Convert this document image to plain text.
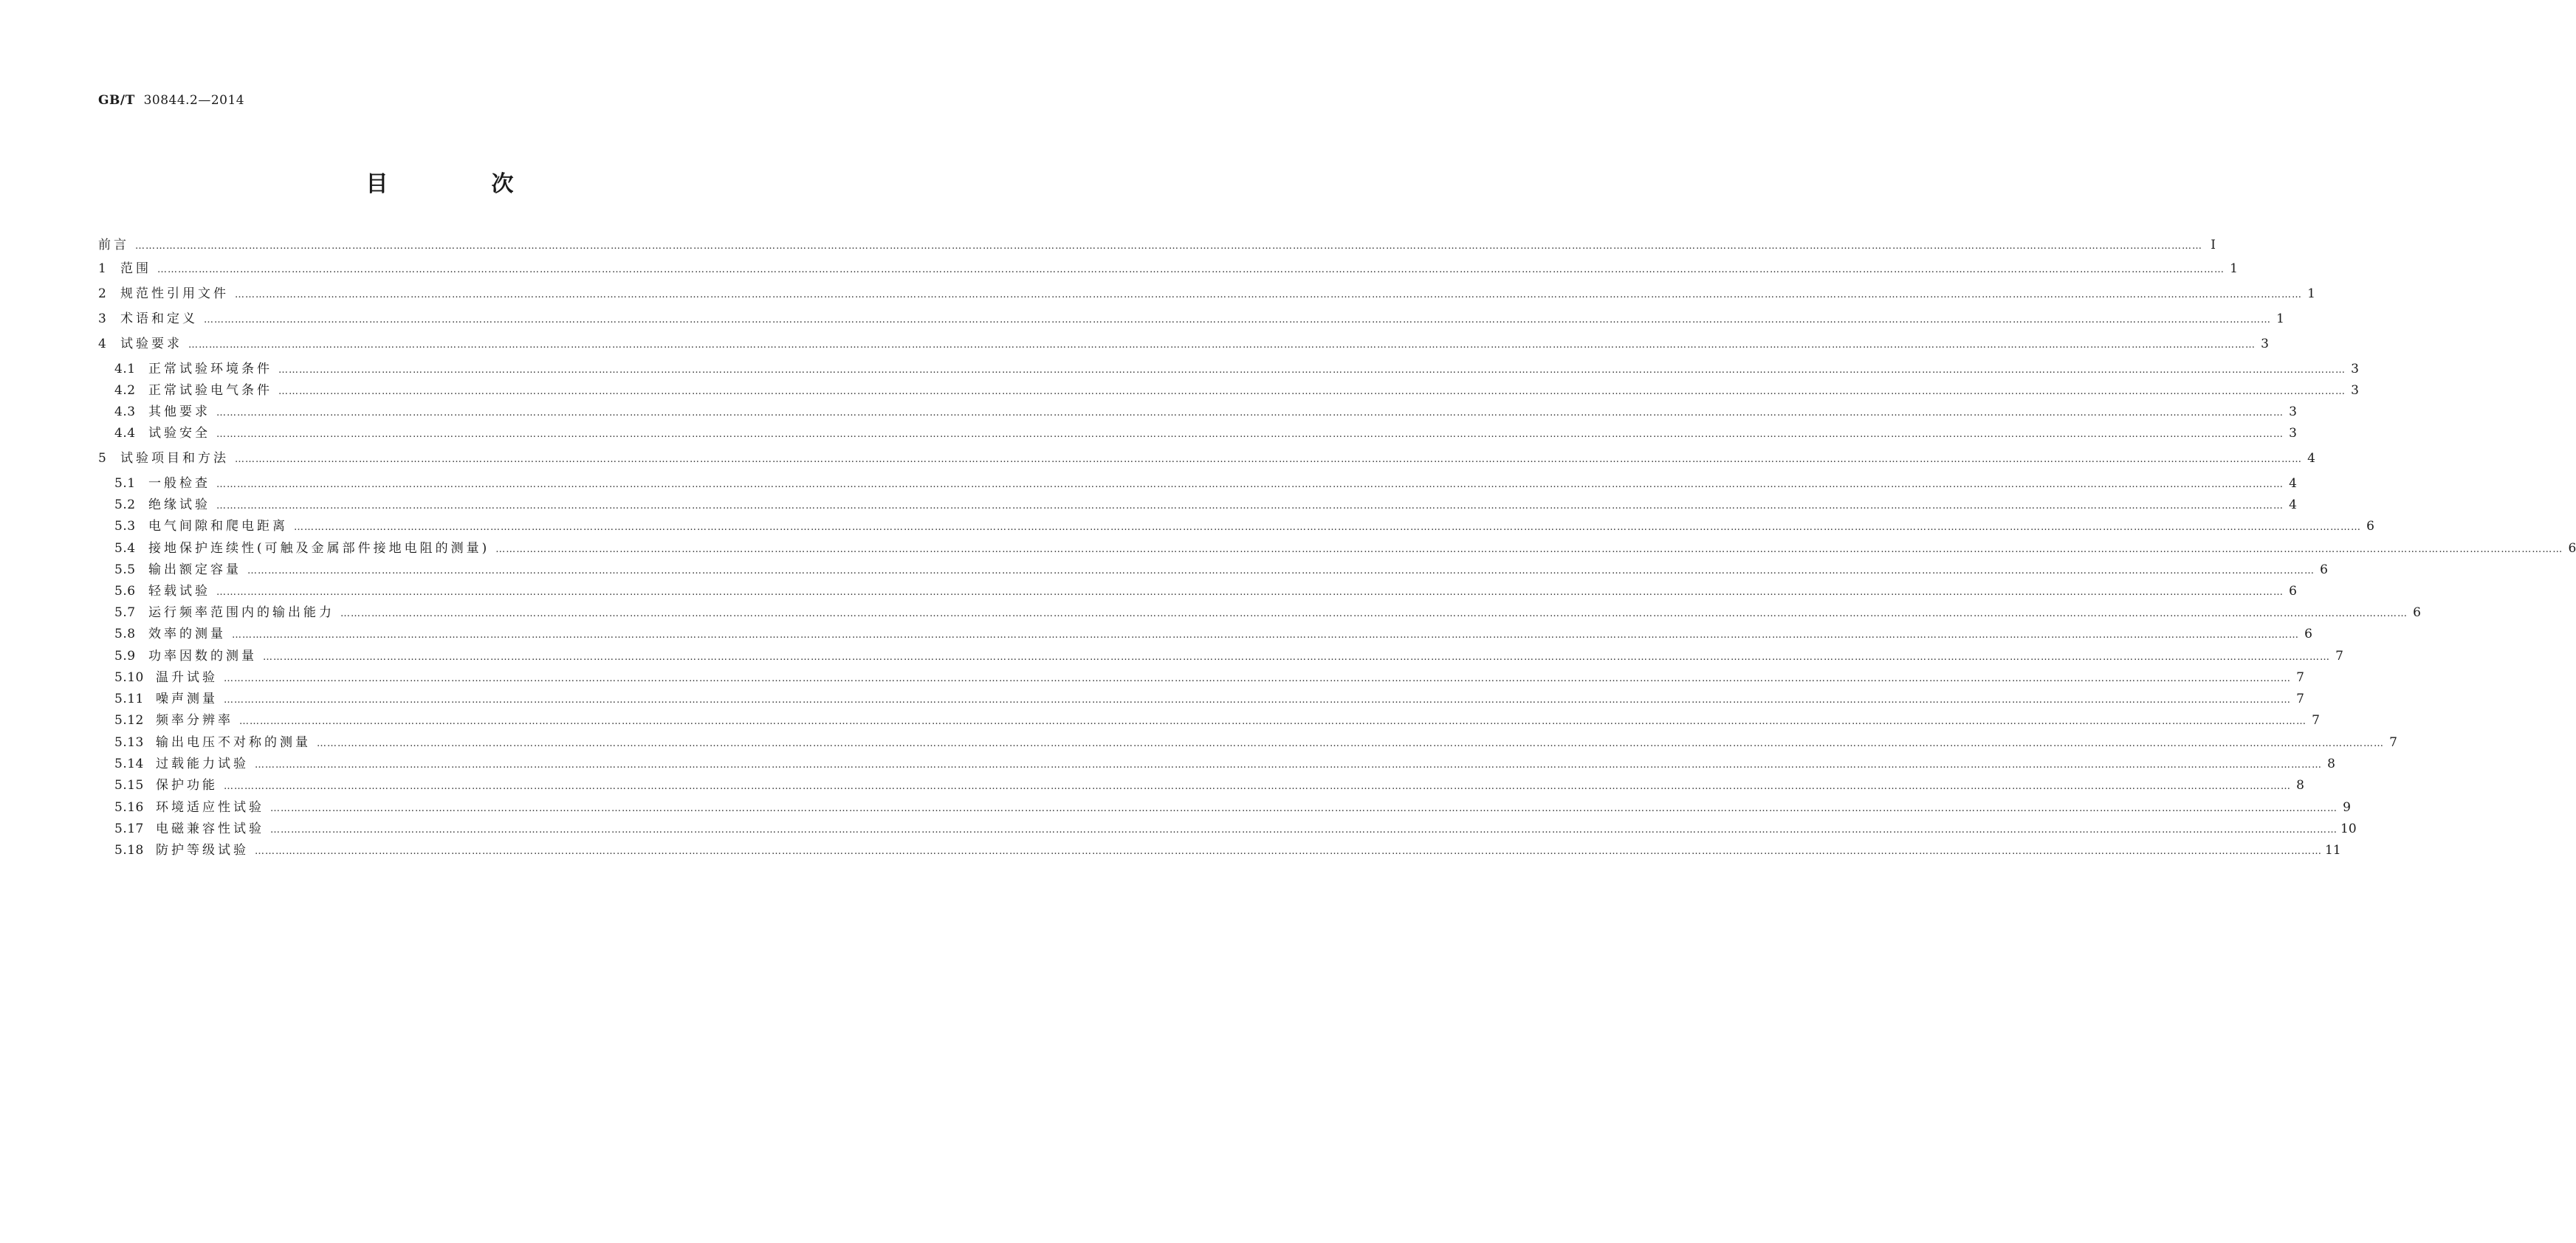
GB/T 30844.2—2014
目　次
前言 …………………………………………………………………………………………………………………………………………………………………………………………………………………………………………………………………………………………………………………………………………………………………………………………………………………………………………………………………………………………………………………………………………………… Ⅰ
1	范围 …………………………………………………………………………………………………………………………………………………………………………………………………………………………………………………………………………………………………………………………………………………………………………………………………………………………………………………………………………………………………………………………………………………… 1
2	规范性引用文件 …………………………………………………………………………………………………………………………………………………………………………………………………………………………………………………………………………………………………………………………………………………………………………………………………………………………………………………………………………………………………………………………………………………… 1
3	术语和定义 …………………………………………………………………………………………………………………………………………………………………………………………………………………………………………………………………………………………………………………………………………………………………………………………………………………………………………………………………………………………………………………………………………………… 1
4	试验要求 …………………………………………………………………………………………………………………………………………………………………………………………………………………………………………………………………………………………………………………………………………………………………………………………………………………………………………………………………………………………………………………………………………………… 3
4.1	正常试验环境条件 …………………………………………………………………………………………………………………………………………………………………………………………………………………………………………………………………………………………………………………………………………………………………………………………………………………………………………………………………………………………………………………………………………………… 3
4.2	正常试验电气条件 …………………………………………………………………………………………………………………………………………………………………………………………………………………………………………………………………………………………………………………………………………………………………………………………………………………………………………………………………………………………………………………………………………………… 3
4.3	其他要求 …………………………………………………………………………………………………………………………………………………………………………………………………………………………………………………………………………………………………………………………………………………………………………………………………………………………………………………………………………………………………………………………………………………… 3
4.4	试验安全 …………………………………………………………………………………………………………………………………………………………………………………………………………………………………………………………………………………………………………………………………………………………………………………………………………………………………………………………………………………………………………………………………………………… 3
5	试验项目和方法 …………………………………………………………………………………………………………………………………………………………………………………………………………………………………………………………………………………………………………………………………………………………………………………………………………………………………………………………………………………………………………………………………………………… 4
5.1	一般检查 …………………………………………………………………………………………………………………………………………………………………………………………………………………………………………………………………………………………………………………………………………………………………………………………………………………………………………………………………………………………………………………………………………………… 4
5.2	绝缘试验 …………………………………………………………………………………………………………………………………………………………………………………………………………………………………………………………………………………………………………………………………………………………………………………………………………………………………………………………………………………………………………………………………………………… 4
5.3	电气间隙和爬电距离 …………………………………………………………………………………………………………………………………………………………………………………………………………………………………………………………………………………………………………………………………………………………………………………………………………………………………………………………………………………………………………………………………………………… 6
5.4	接地保护连续性(可触及金属部件接地电阻的测量) …………………………………………………………………………………………………………………………………………………………………………………………………………………………………………………………………………………………………………………………………………………………………………………………………………………………………………………………………………………………………………………………………………………… 6
5.5	输出额定容量 …………………………………………………………………………………………………………………………………………………………………………………………………………………………………………………………………………………………………………………………………………………………………………………………………………………………………………………………………………………………………………………………………………………… 6
5.6	轻载试验 …………………………………………………………………………………………………………………………………………………………………………………………………………………………………………………………………………………………………………………………………………………………………………………………………………………………………………………………………………………………………………………………………………………… 6
5.7	运行频率范围内的输出能力 …………………………………………………………………………………………………………………………………………………………………………………………………………………………………………………………………………………………………………………………………………………………………………………………………………………………………………………………………………………………………………………………………………………… 6
5.8	效率的测量 …………………………………………………………………………………………………………………………………………………………………………………………………………………………………………………………………………………………………………………………………………………………………………………………………………………………………………………………………………………………………………………………………………………… 6
5.9	功率因数的测量 …………………………………………………………………………………………………………………………………………………………………………………………………………………………………………………………………………………………………………………………………………………………………………………………………………………………………………………………………………………………………………………………………………………… 7
5.10 温升试验 …………………………………………………………………………………………………………………………………………………………………………………………………………………………………………………………………………………………………………………………………………………………………………………………………………………………………………………………………………………………………………………………………………………… 7
5.11 噪声测量 …………………………………………………………………………………………………………………………………………………………………………………………………………………………………………………………………………………………………………………………………………………………………………………………………………………………………………………………………………………………………………………………………………………… 7
5.12 频率分辨率 …………………………………………………………………………………………………………………………………………………………………………………………………………………………………………………………………………………………………………………………………………………………………………………………………………………………………………………………………………………………………………………………………………………… 7
5.13 输出电压不对称的测量 …………………………………………………………………………………………………………………………………………………………………………………………………………………………………………………………………………………………………………………………………………………………………………………………………………………………………………………………………………………………………………………………………………………… 7
5.14 过载能力试验 …………………………………………………………………………………………………………………………………………………………………………………………………………………………………………………………………………………………………………………………………………………………………………………………………………………………………………………………………………………………………………………………………………………… 8
5.15 保护功能 …………………………………………………………………………………………………………………………………………………………………………………………………………………………………………………………………………………………………………………………………………………………………………………………………………………………………………………………………………………………………………………………………………………… 8
5.16 环境适应性试验 …………………………………………………………………………………………………………………………………………………………………………………………………………………………………………………………………………………………………………………………………………………………………………………………………………………………………………………………………………………………………………………………………………………… 9
5.17 电磁兼容性试验 …………………………………………………………………………………………………………………………………………………………………………………………………………………………………………………………………………………………………………………………………………………………………………………………………………………………………………………………………………………………………………………………………………………… 10
5.18 防护等级试验 …………………………………………………………………………………………………………………………………………………………………………………………………………………………………………………………………………………………………………………………………………………………………………………………………………………………………………………………………………………………………………………………………………………… 11
